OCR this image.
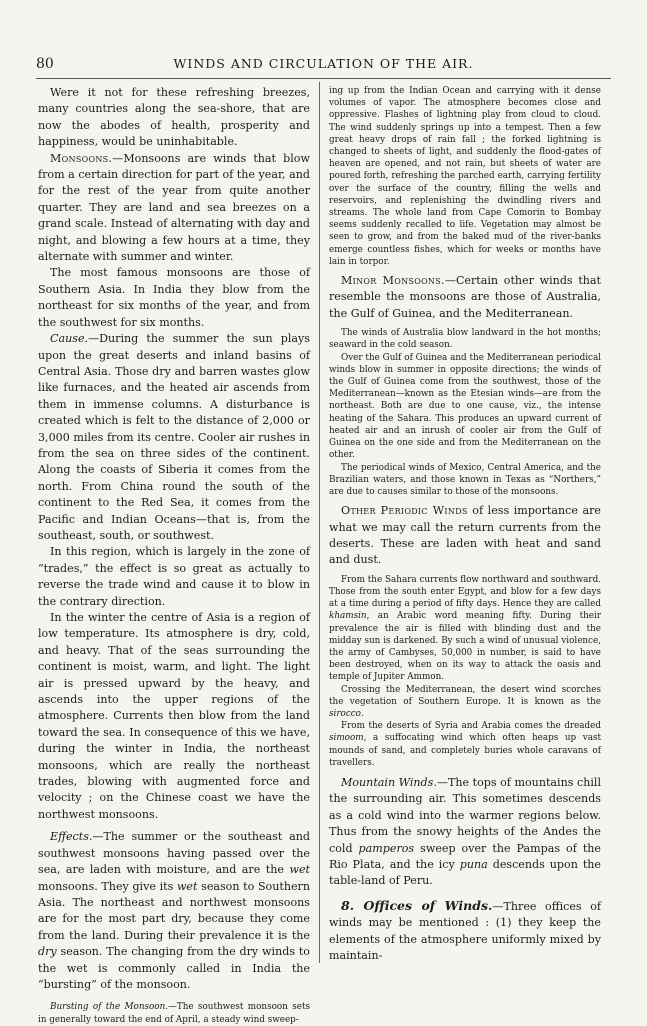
80	WINDS AND CIRCULATION OF THE AIR.

Were it not for these refreshing breezes, many countries along the sea-shore, that are now the abodes of health, prosperity and happiness, would be uninhabitable.

Monsoons.—Monsoons are winds that blow from a certain direction for part of the year, and for the rest of the year from quite another quarter. They are land and sea breezes on a grand scale. Instead of alternating with day and night, and blowing a few hours at a time, they alternate with summer and winter.

The most famous monsoons are those of Southern Asia. In India they blow from the northeast for six months of the year, and from the southwest for six months.

Cause.—During the summer the sun plays upon the great deserts and inland basins of Central Asia. Those dry and barren wastes glow like furnaces, and the heated air ascends from them in immense columns. A disturbance is created which is felt to the distance of 2,000 or 3,000 miles from its centre. Cooler air rushes in from the sea on three sides of the continent. Along the coasts of Siberia it comes from the north. From China round the south of the continent to the Red Sea, it comes from the Pacific and Indian Oceans—that is, from the southeast, south, or southwest.

In this region, which is largely in the zone of “trades,” the effect is so great as actually to reverse the trade wind and cause it to blow in the contrary direction.

In the winter the centre of Asia is a region of low temperature. Its atmosphere is dry, cold, and heavy. That of the seas surrounding the continent is moist, warm, and light. The light air is pressed upward by the heavy, and ascends into the upper regions of the atmosphere. Currents then blow from the land toward the sea. In consequence of this we have, during the winter in India, the northeast monsoons, which are really the northeast trades, blowing with augmented force and velocity ; on the Chinese coast we have the northwest monsoons.

Effects.—The summer or the southeast and southwest monsoons having passed over the sea, are laden with moisture, and are the wet monsoons. They give its wet season to Southern Asia. The northeast and northwest monsoons are for the most part dry, because they come from the land. During their prevalence it is the dry season. The changing from the dry winds to the wet is commonly called in India the “bursting” of the monsoon.

Bursting of the Monsoon.—The southwest monsoon sets in generally toward the end of April, a steady wind sweep-

ing up from the Indian Ocean and carrying with it dense volumes of vapor. The atmosphere becomes close and oppressive. Flashes of lightning play from cloud to cloud. The wind suddenly springs up into a tempest. Then a few great heavy drops of rain fall ; the forked lightning is changed to sheets of light, and suddenly the flood-gates of heaven are opened, and not rain, but sheets of water are poured forth, refreshing the parched earth, carrying fertility over the surface of the country, filling the wells and reservoirs, and replenishing the dwindling rivers and streams. The whole land from Cape Comorin to Bombay seems suddenly recalled to life. Vegetation may almost be seen to grow, and from the baked mud of the river-banks emerge countless fishes, which for weeks or months have lain in torpor.

Minor Monsoons.—Certain other winds that resemble the monsoons are those of Australia, the Gulf of Guinea, and the Mediterranean.

The winds of Australia blow landward in the hot months; seaward in the cold season.

Over the Gulf of Guinea and the Mediterranean periodical winds blow in summer in opposite directions; the winds of the Gulf of Guinea come from the southwest, those of the Mediterranean—known as the Etesian winds—are from the northeast. Both are due to one cause, viz., the intense heating of the Sahara. This produces an upward current of heated air and an inrush of cooler air from the Gulf of Guinea on the one side and from the Mediterranean on the other.

The periodical winds of Mexico, Central America, and the Brazilian waters, and those known in Texas as “Northers,” are due to causes similar to those of the monsoons.

Other Periodic Winds of less importance are what we may call the return currents from the deserts. These are laden with heat and sand and dust.

From the Sahara currents flow northward and southward. Those from the south enter Egypt, and blow for a few days at a time during a period of fifty days. Hence they are called khamsin, an Arabic word meaning fifty. During their prevalence the air is filled with blinding dust and the midday sun is darkened. By such a wind of unusual violence, the army of Cambyses, 50,000 in number, is said to have been destroyed, when on its way to attack the oasis and temple of Jupiter Ammon.

Crossing the Mediterranean, the desert wind scorches the vegetation of Southern Europe. It is known as the sirocco.

From the deserts of Syria and Arabia comes the dreaded simoom, a suffocating wind which often heaps up vast mounds of sand, and completely buries whole caravans of travellers.

Mountain Winds.—The tops of mountains chill the surrounding air. This sometimes descends as a cold wind into the warmer regions below. Thus from the snowy heights of the Andes the cold pamperos sweep over the Pampas of the Rio Plata, and the icy puna descends upon the table-land of Peru.

8. Offices of Winds.—Three offices of winds may be mentioned : (1) they keep the elements of the atmosphere uniformly mixed by maintain-
